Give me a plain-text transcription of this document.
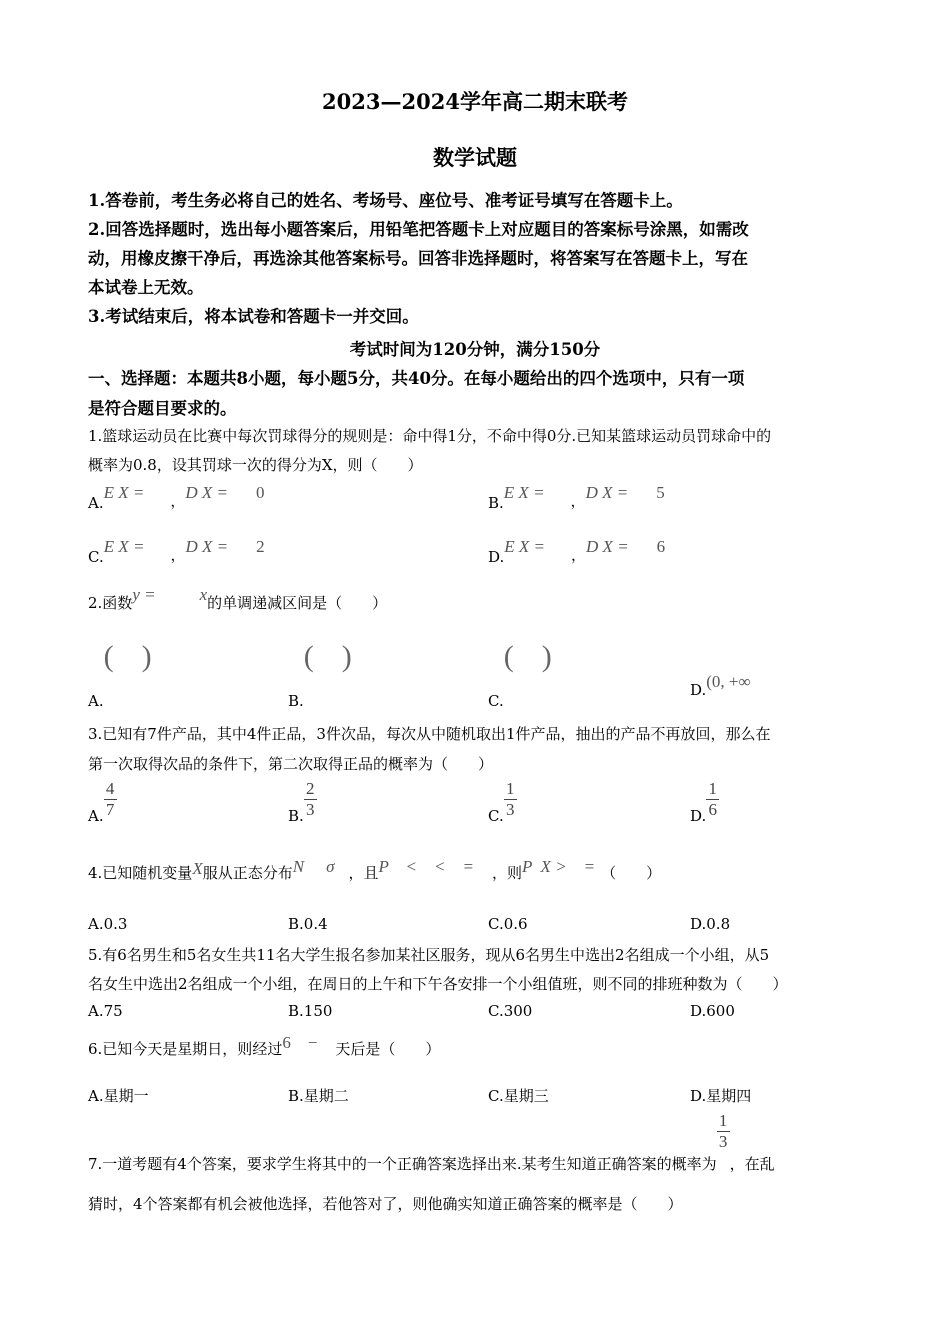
2023—2024学年高二期末联考
数学试题
1.答卷前，考生务必将自己的姓名、考场号、座位号、准考证号填写在答题卡上。
2.回答选择题时，选出每小题答案后，用铅笔把答题卡上对应题目的答案标号涂黑，如需改
动，用橡皮擦干净后，再选涂其他答案标号。回答非选择题时，将答案写在答题卡上，写在
本试卷上无效。
3.考试结束后，将本试卷和答题卡一并交回。
考试时间为120分钟，满分150分
一、选择题：本题共8小题，每小题5分，共40分。在每小题给出的四个选项中，只有一项
是符合题目要求的。
1.篮球运动员在比赛中每次罚球得分的规则是：命中得1分，不命中得0分.已知某篮球运动员罚球命中的
概率为0.8，设其罚球一次的得分为X，则（　　）
A.E X = ，D X = 0
B.E X = ，D X = 5
C.E X = ，D X = 2
D.E X = ，D X = 6
2.函数y =	x的单调递减区间是（　　）
A.()
B.()
C.()
D.(0, +∞
3.已知有7件产品，其中4件正品，3件次品，每次从中随机取出1件产品，抽出的产品不再放回，那么在
第一次取得次品的条件下，第二次取得正品的概率为（　　）
A. $\frac{4}{7}$	B. $\frac{2}{3}$	C. $\frac{1}{3}$	D. $\frac{1}{6}$
4.已知随机变量X服从正态分布N σ ，且P    <    <    = ，则P  X >    = （　　）
A.0.3	B.0.4	C.0.6	D.0.8
5.有6名男生和5名女生共11名大学生报名参加某社区服务，现从6名男生中选出2名组成一个小组，从5
名女生中选出2名组成一个小组，在周日的上午和下午各安排一个小组值班，则不同的排班种数为（　　）
A.75	B.150	C.300	D.600
6.已知今天是星期日，则经过6    − 天后是（　　）
A.星期一	B.星期二	C.星期三	D.星期四
7.一道考题有4个答案，要求学生将其中的一个正确答案选择出来.某考生知道正确答案的概率为
$\frac{1}{3}$
，在乱
猜时，4个答案都有机会被他选择，若他答对了，则他确实知道正确答案的概率是（　　）
